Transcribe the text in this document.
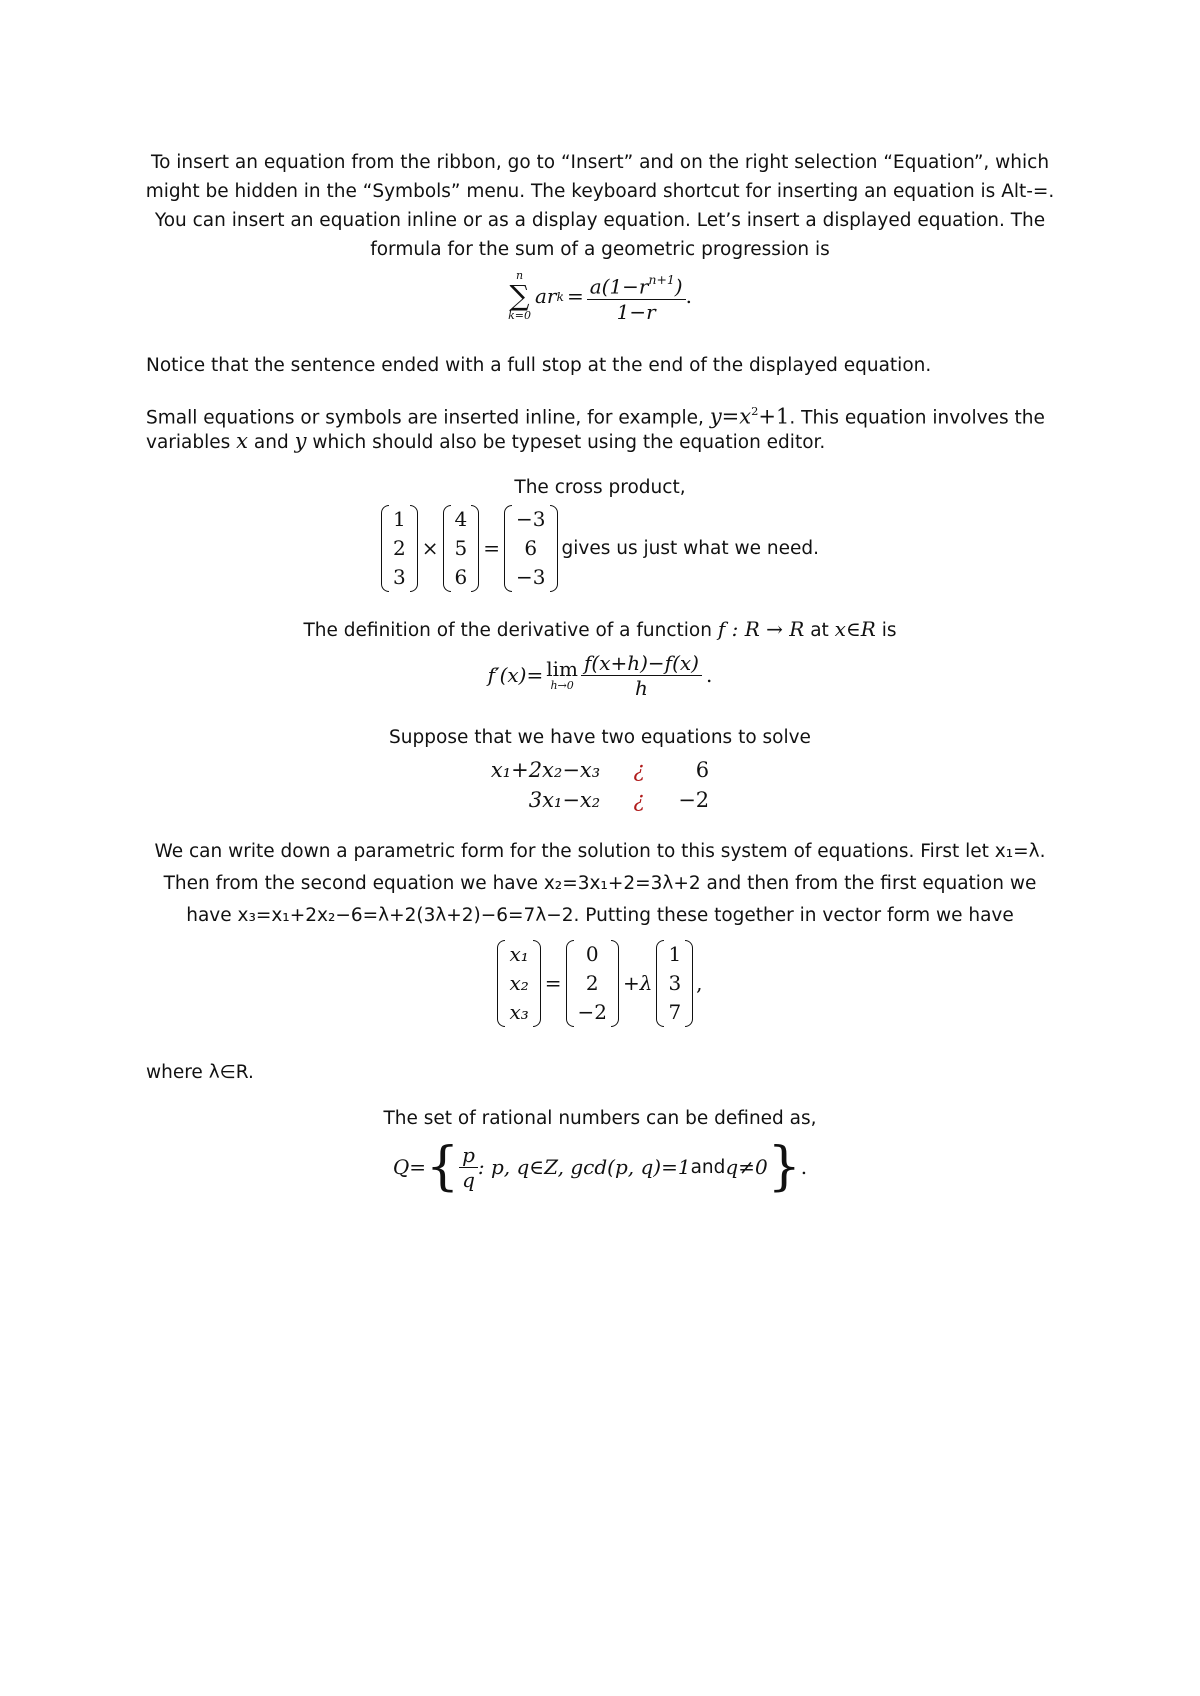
To insert an equation from the ribbon, go to “Insert” and on the right selection “Equation”, which
might be hidden in the “Symbols” menu. The keyboard shortcut for inserting an equation is Alt-=.
You can insert an equation inline or as a display equation. Let’s insert a displayed equation. The
formula for the sum of a geometric progression is
n
∑
k=0
ar $k = \frac{a(1-r^{n+1})}{1-r}$ .
Notice that the sentence ended with a full stop at the end of the displayed equation.
Small equations or symbols are inserted inline, for example, $y=x^2+1$. This equation involves the
variables x and y which should also be typeset using the equation editor.
The cross product,
1
2
3
×
4
5
6
=
−3
6
−3
gives us just what we need.
The definition of the derivative of a function f : R → R at x∈R is
f′(x)= lim
$h\to 0 \frac{f(x+h)-f(x)}{h}$ .
Suppose that we have two equations to solve
x₁+2x₂−x₃	¿	6
3x₁−x₂	¿	−2
We can write down a parametric form for the solution to this system of equations. First let x₁=λ.
Then from the second equation we have x₂=3x₁+2=3λ+2 and then from the first equation we
have x₃=x₁+2x₂−6=λ+2(3λ+2)−6=7λ−2. Putting these together in vector form we have
x₁
x₂
x₃
=
0
2
−2
+λ
1
3
7
,
where λ∈R.
The set of rational numbers can be defined as,
Q= { $\frac{p}{q}$ : p, q∈Z, gcd(p, q)=1 and q≠0 } .
